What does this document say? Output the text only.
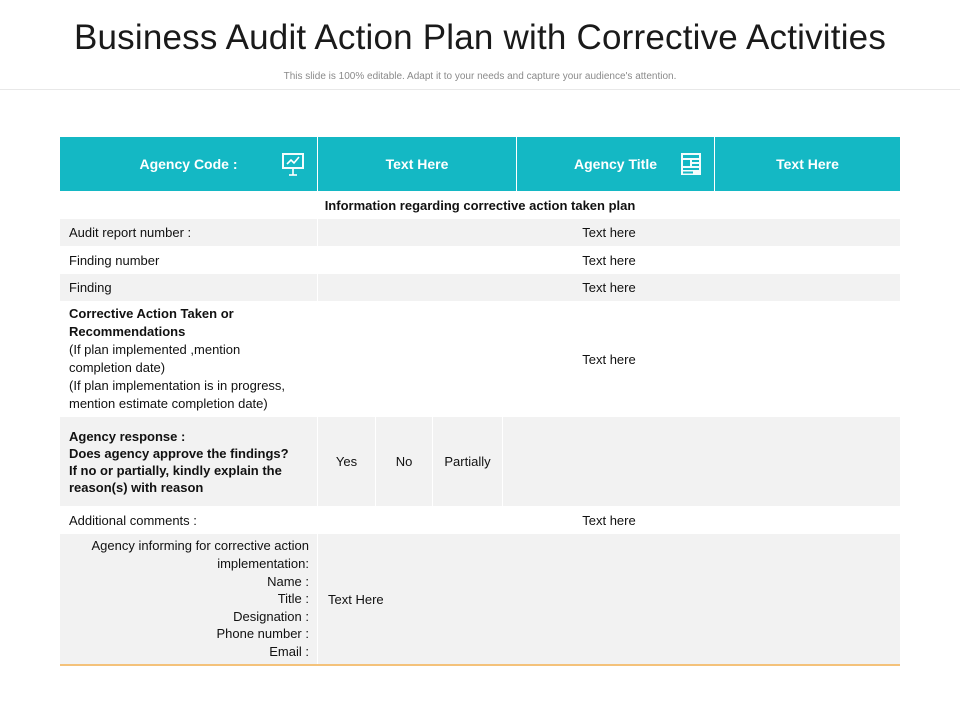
Business Audit Action Plan with Corrective Activities
This slide is 100% editable. Adapt it to your needs and capture your audience's attention.
Agency Code :	Text Here	Agency Title	Text Here
Information regarding corrective action taken plan
Audit report number :	Text here
Finding number	Text here
Finding	Text here
Corrective Action Taken or
Recommendations
(If plan implemented ,mention
completion date)
(If plan implementation is in progress,
mention estimate completion date)
Text here
Agency response :
Does agency approve the findings?
If no or partially, kindly explain the
reason(s) with reason
Yes	No	Partially
Additional comments :	Text here
Agency informing for corrective action
implementation:
Name :
Title :
Designation :
Phone number :
Email :
Text Here
